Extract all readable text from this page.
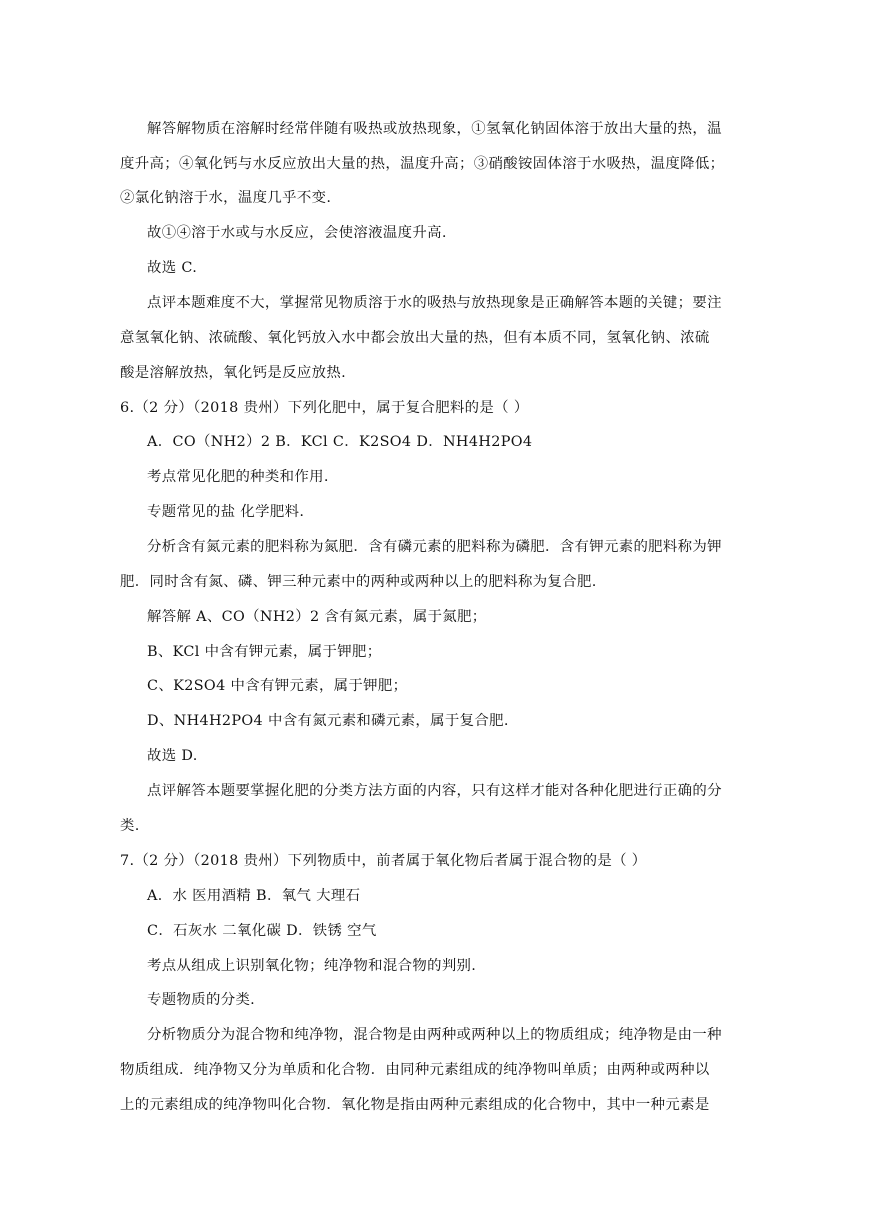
解答解物质在溶解时经常伴随有吸热或放热现象，①氢氧化钠固体溶于放出大量的热，温
度升高；④氧化钙与水反应放出大量的热，温度升高；③硝酸铵固体溶于水吸热，温度降低；
②氯化钠溶于水，温度几乎不变.
故①④溶于水或与水反应，会使溶液温度升高.
故选 C.
点评本题难度不大，掌握常见物质溶于水的吸热与放热现象是正确解答本题的关键；要注
意氢氧化钠、浓硫酸、氧化钙放入水中都会放出大量的热，但有本质不同，氢氧化钠、浓硫
酸是溶解放热，氧化钙是反应放热.
6.（2 分）（2018 贵州）下列化肥中，属于复合肥料的是（ ）
A．CO（NH2）2 B．KCl C．K2SO4 D．NH4H2PO4
考点常见化肥的种类和作用.
专题常见的盐 化学肥料.
分析含有氮元素的肥料称为氮肥．含有磷元素的肥料称为磷肥．含有钾元素的肥料称为钾
肥．同时含有氮、磷、钾三种元素中的两种或两种以上的肥料称为复合肥.
解答解 A、CO（NH2）2 含有氮元素，属于氮肥；
B、KCl 中含有钾元素，属于钾肥；
C、K2SO4 中含有钾元素，属于钾肥；
D、NH4H2PO4 中含有氮元素和磷元素，属于复合肥.
故选 D.
点评解答本题要掌握化肥的分类方法方面的内容，只有这样才能对各种化肥进行正确的分
类.
7.（2 分）（2018 贵州）下列物质中，前者属于氧化物后者属于混合物的是（ ）
A．水 医用酒精 B．氧气 大理石
C．石灰水 二氧化碳 D．铁锈 空气
考点从组成上识别氧化物；纯净物和混合物的判别.
专题物质的分类.
分析物质分为混合物和纯净物，混合物是由两种或两种以上的物质组成；纯净物是由一种
物质组成．纯净物又分为单质和化合物．由同种元素组成的纯净物叫单质；由两种或两种以
上的元素组成的纯净物叫化合物．氧化物是指由两种元素组成的化合物中，其中一种元素是
